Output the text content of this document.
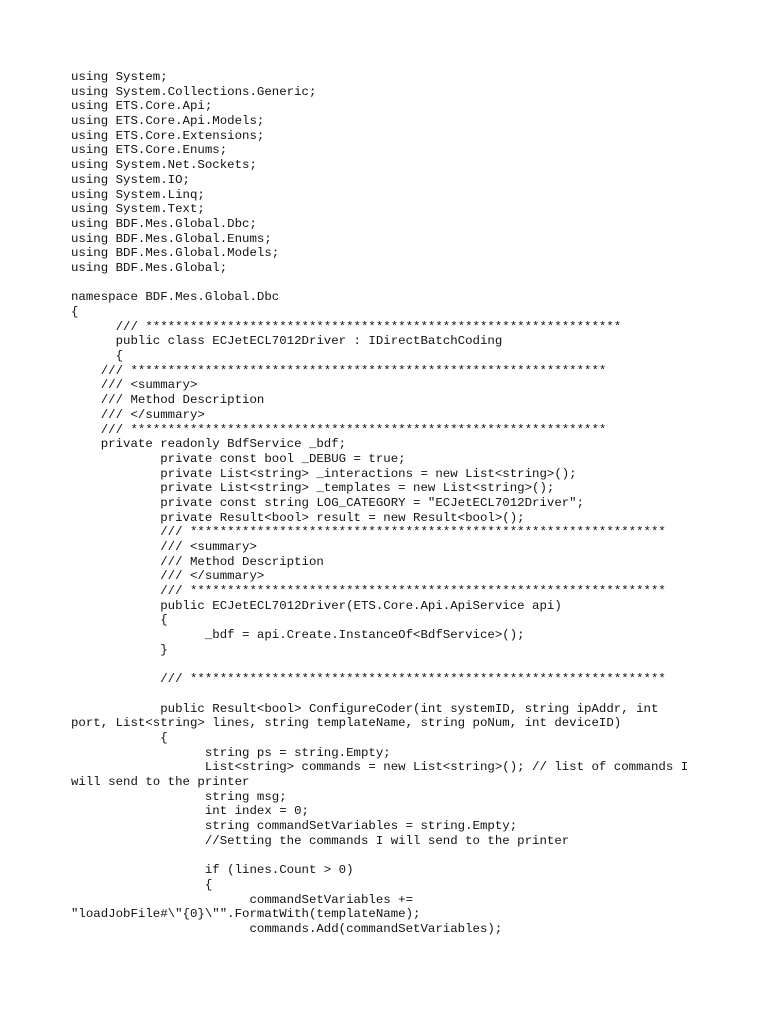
using System;
using System.Collections.Generic;
using ETS.Core.Api;
using ETS.Core.Api.Models;
using ETS.Core.Extensions;
using ETS.Core.Enums;
using System.Net.Sockets;
using System.IO;
using System.Linq;
using System.Text;
using BDF.Mes.Global.Dbc;
using BDF.Mes.Global.Enums;
using BDF.Mes.Global.Models;
using BDF.Mes.Global;
namespace BDF.Mes.Global.Dbc
{
/// ****************************************************************
public class ECJetECL7012Driver : IDirectBatchCoding
{
/// ****************************************************************
/// <summary>
/// Method Description
/// </summary>
/// ****************************************************************
private readonly BdfService _bdf;
private const bool _DEBUG = true;
private List<string> _interactions = new List<string>();
private List<string> _templates = new List<string>();
private const string LOG_CATEGORY = "ECJetECL7012Driver";
private Result<bool> result = new Result<bool>();
/// ****************************************************************
/// <summary>
/// Method Description
/// </summary>
/// ****************************************************************
public ECJetECL7012Driver(ETS.Core.Api.ApiService api)
{
_bdf = api.Create.InstanceOf<BdfService>();
}
/// ****************************************************************
public Result<bool> ConfigureCoder(int systemID, string ipAddr, int
port, List<string> lines, string templateName, string poNum, int deviceID)
{
string ps = string.Empty;
List<string> commands = new List<string>(); // list of commands I
will send to the printer
string msg;
int index = 0;
string commandSetVariables = string.Empty;
//Setting the commands I will send to the printer
if (lines.Count > 0)
{
commandSetVariables +=
"loadJobFile#\"{0}\"".FormatWith(templateName);
commands.Add(commandSetVariables);
